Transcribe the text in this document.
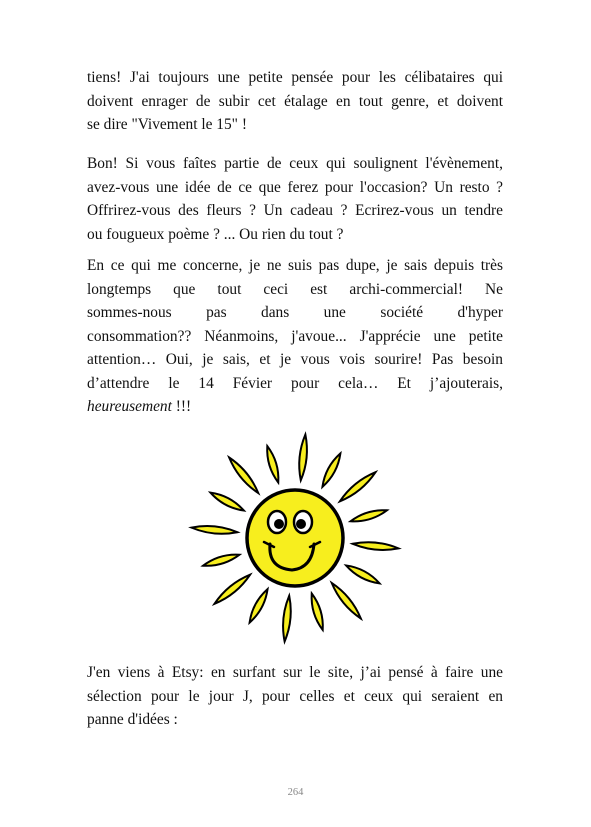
tiens! J'ai toujours une petite pensée pour les célibataires qui
doivent enrager de subir cet étalage en tout genre, et doivent
se dire "Vivement le 15" !

Bon! Si vous faîtes partie de ceux qui soulignent l'évènement,
avez-vous une idée de ce que ferez pour l'occasion? Un resto ?
Offrirez-vous des fleurs ? Un cadeau ? Ecrirez-vous un tendre
ou fougueux poème ? ... Ou rien du tout ?

En ce qui me concerne, je ne suis pas dupe, je sais depuis très
longtemps que tout ceci est archi-commercial! Ne
sommes-nous pas dans une société d'hyper
consommation?? Néanmoins, j'avoue... J'apprécie une petite
attention… Oui, je sais, et je vous vois sourire! Pas besoin
d’attendre le 14 Févier pour cela… Et j’ajouterais,
heureusement !!!

J'en viens à Etsy: en surfant sur le site, j’ai pensé à faire une
sélection pour le jour J, pour celles et ceux qui seraient en
panne d'idées :

264
